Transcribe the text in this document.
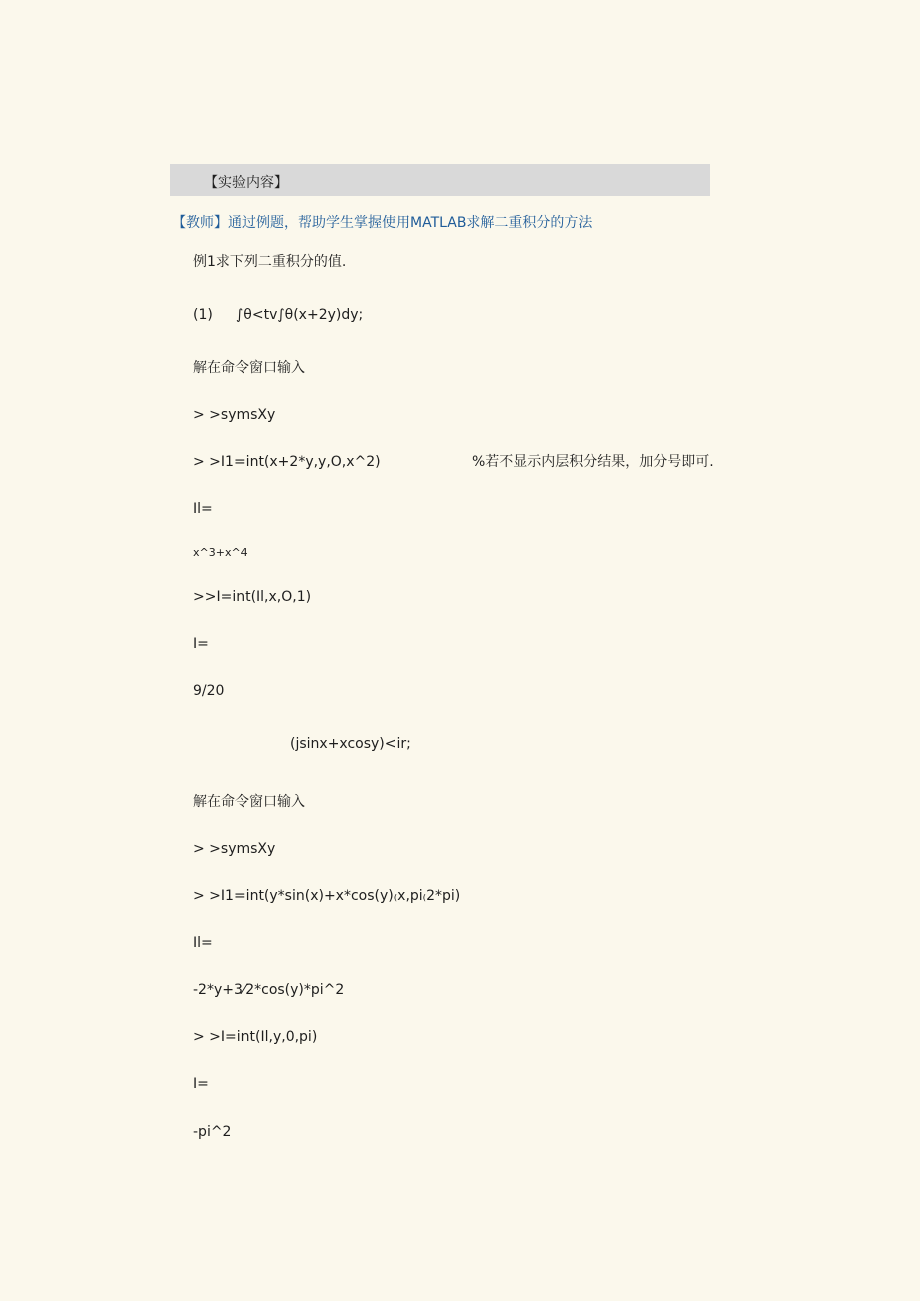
【实验内容】
【教师】通过例题，帮助学生掌握使用MATLAB求解二重积分的方法
例1求下列二重积分的值.
(1) ∫θ<tv∫θ(x+2y)dy;
解在命令窗口输入
> >symsXy
> >I1=int(x+2*y,y,O,x^2)	%若不显示内层积分结果，加分号即可.
Il=
x^3+x^4
>>I=int(Il,x,O,1)
I=
9/20
(jsinx+xcosy)<ir;
解在命令窗口输入
> >symsXy
> >I1=int(y*sin(x)+x*cos(y)₍x,pi₍2*pi)
Il=
-2*y+3⁄2*cos(y)*pi^2
> >I=int(Il,y,0,pi)
I=
-pi^2
